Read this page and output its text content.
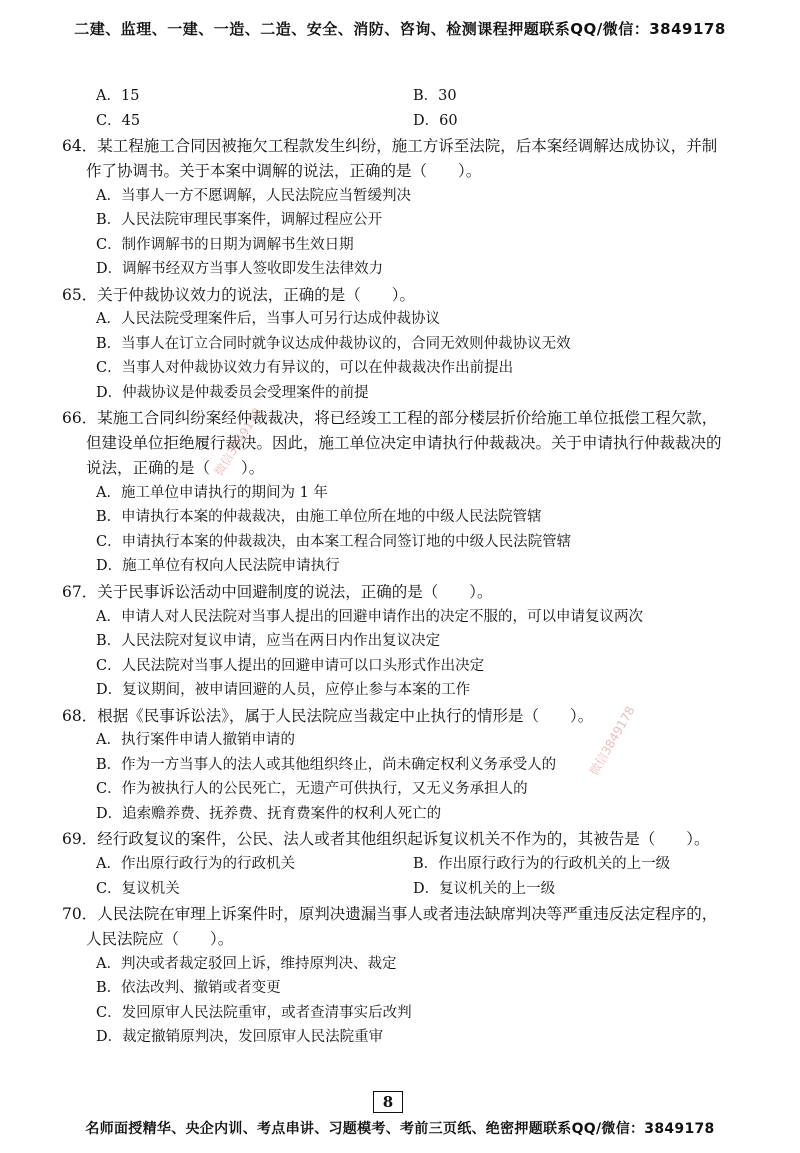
二建、监理、一建、一造、二造、安全、消防、咨询、检测课程押题联系QQ/微信：3849178
A．15	B．30
C．45	D．60
64．某工程施工合同因被拖欠工程款发生纠纷，施工方诉至法院，后本案经调解达成协议，并制作了协调书。关于本案中调解的说法，正确的是（　　）。
A．当事人一方不愿调解，人民法院应当暂缓判决
B．人民法院审理民事案件，调解过程应公开
C．制作调解书的日期为调解书生效日期
D．调解书经双方当事人签收即发生法律效力
65．关于仲裁协议效力的说法，正确的是（　　）。
A．人民法院受理案件后，当事人可另行达成仲裁协议
B．当事人在订立合同时就争议达成仲裁协议的，合同无效则仲裁协议无效
C．当事人对仲裁协议效力有异议的，可以在仲裁裁决作出前提出
D．仲裁协议是仲裁委员会受理案件的前提
66．某施工合同纠纷案经仲裁裁决，将已经竣工工程的部分楼层折价给施工单位抵偿工程欠款，但建设单位拒绝履行裁决。因此，施工单位决定申请执行仲裁裁决。关于申请执行仲裁裁决的说法，正确的是（　　）。
A．施工单位申请执行的期间为 1 年
B．申请执行本案的仲裁裁决，由施工单位所在地的中级人民法院管辖
C．申请执行本案的仲裁裁决，由本案工程合同签订地的中级人民法院管辖
D．施工单位有权向人民法院申请执行
67．关于民事诉讼活动中回避制度的说法，正确的是（　　）。
A．申请人对人民法院对当事人提出的回避申请作出的决定不服的，可以申请复议两次
B．人民法院对复议申请，应当在两日内作出复议决定
C．人民法院对当事人提出的回避申请可以口头形式作出决定
D．复议期间，被申请回避的人员，应停止参与本案的工作
68．根据《民事诉讼法》，属于人民法院应当裁定中止执行的情形是（　　）。
A．执行案件申请人撤销申请的
B．作为一方当事人的法人或其他组织终止，尚未确定权利义务承受人的
C．作为被执行人的公民死亡，无遗产可供执行，又无义务承担人的
D．追索赡养费、抚养费、抚育费案件的权利人死亡的
69．经行政复议的案件，公民、法人或者其他组织起诉复议机关不作为的，其被告是（　　）。
A．作出原行政行为的行政机关	B．作出原行政行为的行政机关的上一级
C．复议机关	D．复议机关的上一级
70．人民法院在审理上诉案件时，原判决遗漏当事人或者违法缺席判决等严重违反法定程序的，人民法院应（　　）。
A．判决或者裁定驳回上诉，维持原判决、裁定
B．依法改判、撤销或者变更
C．发回原审人民法院重审，或者查清事实后改判
D．裁定撤销原判决，发回原审人民法院重审
微信3849178
微信3849178
8
名师面授精华、央企内训、考点串讲、习题模考、考前三页纸、绝密押题联系QQ/微信：3849178
